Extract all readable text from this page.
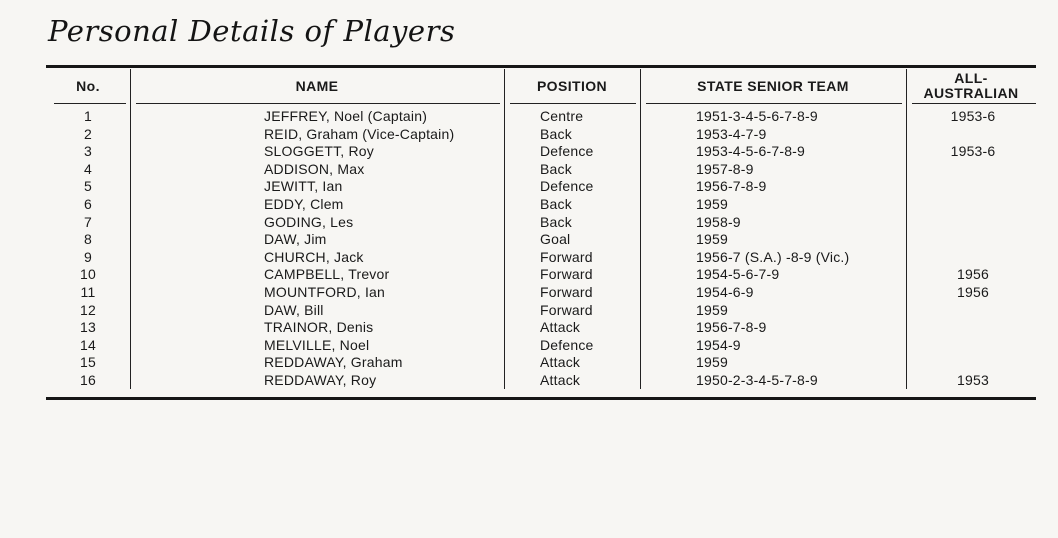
Personal Details of Players
No.	NAME	POSITION	STATE SENIOR TEAM	ALL-
AUSTRALIAN
1	JEFFREY, Noel (Captain)	Centre	1951-3-4-5-6-7-8-9	1953-6
2	REID, Graham (Vice-Captain)	Back	1953-4-7-9
3	SLOGGETT, Roy	Defence	1953-4-5-6-7-8-9	1953-6
4	ADDISON, Max	Back	1957-8-9
5	JEWITT, Ian	Defence	1956-7-8-9
6	EDDY, Clem	Back	1959
7	GODING, Les	Back	1958-9
8	DAW, Jim	Goal	1959
9	CHURCH, Jack	Forward	1956-7 (S.A.) -8-9 (Vic.)
10	CAMPBELL, Trevor	Forward	1954-5-6-7-9	1956
11	MOUNTFORD, Ian	Forward	1954-6-9	1956
12	DAW, Bill	Forward	1959
13	TRAINOR, Denis	Attack	1956-7-8-9
14	MELVILLE, Noel	Defence	1954-9
15	REDDAWAY, Graham	Attack	1959
16	REDDAWAY, Roy	Attack	1950-2-3-4-5-7-8-9	1953
